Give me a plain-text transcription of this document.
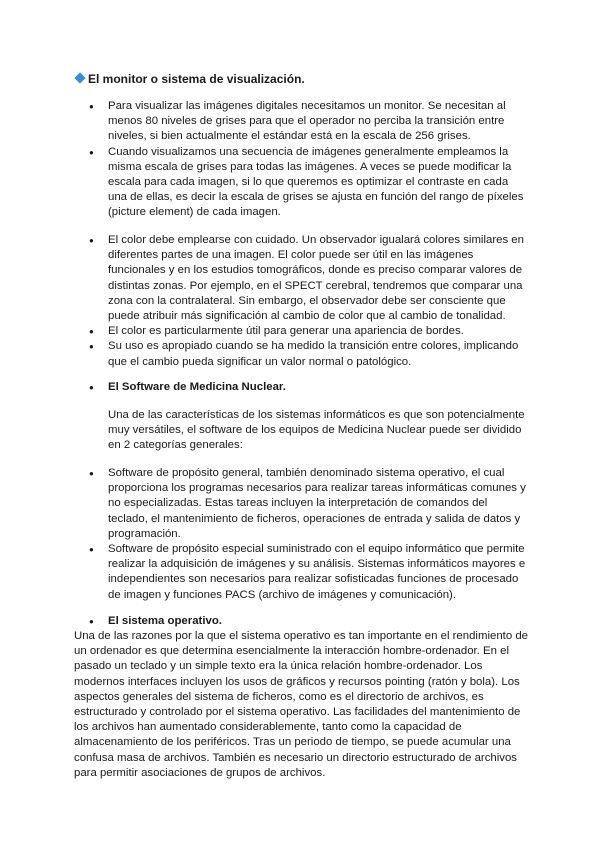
El monitor o sistema de visualización.
● Para visualizar las imágenes digitales necesitamos un monitor. Se necesitan al menos 80 niveles de grises para que el operador no perciba la transición entre niveles, si bien actualmente el estándar está en la escala de 256 grises.
● Cuando visualizamos una secuencia de imágenes generalmente empleamos la misma escala de grises para todas las imágenes. A veces se puede modificar la escala para cada imagen, si lo que queremos es optimizar el contraste en cada una de ellas, es decir la escala de grises se ajusta en función del rango de píxeles (picture element) de cada imagen.
● El color debe emplearse con cuidado. Un observador igualará colores similares en diferentes partes de una imagen. El color puede ser útil en las imágenes funcionales y en los estudios tomográficos, donde es preciso comparar valores de distintas zonas. Por ejemplo, en el SPECT cerebral, tendremos que comparar una zona con la contralateral. Sin embargo, el observador debe ser consciente que puede atribuir más significación al cambio de color que al cambio de tonalidad.
● El color es particularmente útil para generar una apariencia de bordes.
● Su uso es apropiado cuando se ha medido la transición entre colores, implicando que el cambio pueda significar un valor normal o patológico.
● El Software de Medicina Nuclear.

Una de las características de los sistemas informáticos es que son potencialmente muy versátiles, el software de los equipos de Medicina Nuclear puede ser dividido en 2 categorías generales:

● Software de propósito general, también denominado sistema operativo, el cual proporciona los programas necesarios para realizar tareas informáticas comunes y no especializadas. Estas tareas incluyen la interpretación de comandos del teclado, el mantenimiento de ficheros, operaciones de entrada y salida de datos y programación.
● Software de propósito especial suministrado con el equipo informático que permite realizar la adquisición de imágenes y su análisis. Sistemas informáticos mayores e independientes son necesarios para realizar sofisticadas funciones de procesado de imagen y funciones PACS (archivo de imágenes y comunicación).
● El sistema operativo.

Una de las razones por la que el sistema operativo es tan importante en el rendimiento de un ordenador es que determina esencialmente la interacción hombre-ordenador. En el pasado un teclado y un simple texto era la única relación hombre-ordenador. Los modernos interfaces incluyen los usos de gráficos y recursos pointing (ratón y bola). Los aspectos generales del sistema de ficheros, como es el directorio de archivos, es estructurado y controlado por el sistema operativo. Las facilidades del mantenimiento de los archivos han aumentado considerablemente, tanto como la capacidad de almacenamiento de los periféricos. Tras un periodo de tiempo, se puede acumular una confusa masa de archivos. También es necesario un directorio estructurado de archivos para permitir asociaciones de grupos de archivos.
